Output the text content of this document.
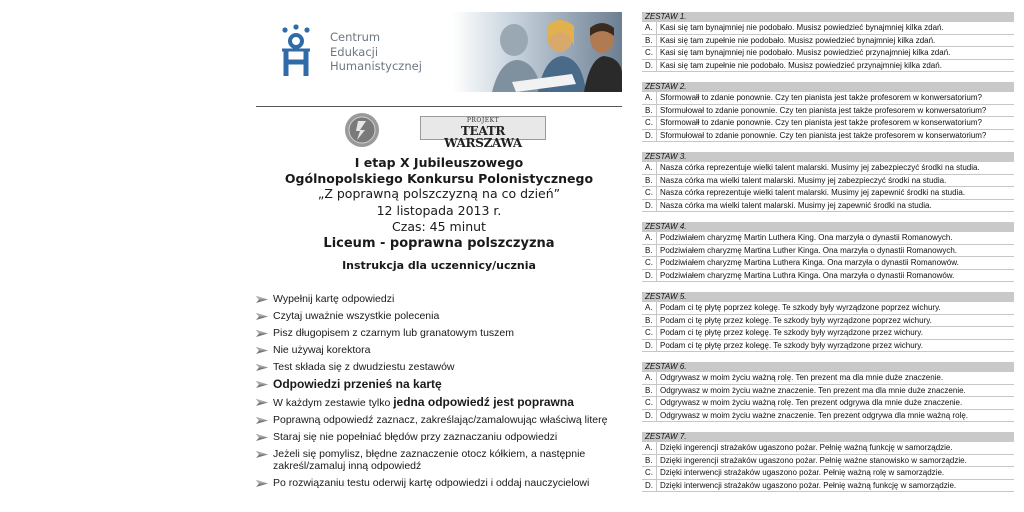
Centrum
Edukacji
Humanistycznej
PROJEKT
TEATR WARSZAWA
I etap X Jubileuszowego
Ogólnopolskiego Konkursu Polonistycznego
„Z poprawną polszczyzną na co dzień”
12 listopada 2013 r.
Czas: 45 minut
Liceum - poprawna polszczyzna
Instrukcja dla uczennicy/ucznia
Wypełnij kartę odpowiedzi
Czytaj uważnie wszystkie polecenia
Pisz długopisem z czarnym lub granatowym tuszem
Nie używaj korektora
Test składa się z dwudziestu zestawów
Odpowiedzi przenieś na kartę
W każdym zestawie tylko jedna odpowiedź jest poprawna
Poprawną odpowiedź zaznacz, zakreślając/zamalowując właściwą literę
Staraj się nie popełniać błędów przy zaznaczaniu odpowiedzi
Jeżeli się pomylisz, błędne zaznaczenie otocz kółkiem, a następnie zakreśl/zamaluj inną odpowiedź
Po rozwiązaniu testu oderwij kartę odpowiedzi i oddaj nauczycielowi
ZESTAW 1.
A. Kasi się tam bynajmniej nie podobało. Musisz powiedzieć bynajmniej kilka zdań.
B. Kasi się tam zupełnie nie podobało. Musisz powiedzieć bynajmniej kilka zdań.
C. Kasi się tam bynajmniej nie podobało. Musisz powiedzieć przynajmniej kilka zdań.
D. Kasi się tam zupełnie nie podobało. Musisz powiedzieć przynajmniej kilka zdań.
ZESTAW 2.
A. Sformowałł to zdanie ponownie. Czy ten pianista jest także profesorem w konwersatorium?
B. Sformułował to zdanie ponownie. Czy ten pianista jest także profesorem w konwersatorium?
C. Sformowałł to zdanie ponownie. Czy ten pianista jest także profesorem w konserwatorium?
D. Sformułował to zdanie ponownie. Czy ten pianista jest także profesorem w konserwatorium?
ZESTAW 3.
A. Nasza córka reprezentuje wielki talent malarski. Musimy jej zabezpieczyć środki na studia.
B. Nasza córka ma wielki talent malarski. Musimy jej zabezpieczyć środki na studia.
C. Nasza córka reprezentuje wielki talent malarski. Musimy jej zapewnić środki na studia.
D. Nasza córka ma wielki talent malarski. Musimy jej zapewnić środki na studia.
ZESTAW 4.
A. Podziwiałem charyzmę Martin Luthera King. Ona marzyła o dynastii Romanowych.
B. Podziwiałem charyzmę Martina Luther Kinga. Ona marzyła o dynastii Romanowych.
C. Podziwiałem charyzmę Martina Luthera Kinga. Ona marzyła o dynastii Romanowów.
D. Podziwiałem charyzmę Martina Luthra Kinga. Ona marzyła o dynastii Romanowów.
ZESTAW 5.
A. Podam ci tę płytę poprzez kolegę. Te szkody były wyrządzone poprzez wichury.
B. Podam ci tę płytę przez kolegę. Te szkody były wyrządzone poprzez wichury.
C. Podam ci tę płytę przez kolegę. Te szkody były wyrządzone przez wichury.
D. Podam ci tę płytę przez kolegę. Te szkody były wyrządzone przez wichury.
ZESTAW 6.
A. Odgrywasz w moim życiu ważną rolę. Ten prezent ma dla mnie duże znaczenie.
B. Odgrywasz w moim życiu ważne znaczenie. Ten prezent ma dla mnie duże znaczenie.
C. Odgrywasz w moim życiu ważną rolę. Ten prezent odgrywa dla mnie duże znaczenie.
D. Odgrywasz w moim życiu ważne znaczenie. Ten prezent odgrywa dla mnie ważną rolę.
ZESTAW 7.
A. Dzięki ingerencji strażaków ugaszono pożar. Pełnię ważną funkcję w samorządzie.
B. Dzięki ingerencji strażaków ugaszono pożar. Pełnię ważne stanowisko w samorządzie.
C. Dzięki interwencji strażaków ugaszono pożar. Pełnię ważną rolę w samorządzie.
D. Dzięki interwencji strażaków ugaszono pożar. Pełnię ważną funkcję w samorządzie.
